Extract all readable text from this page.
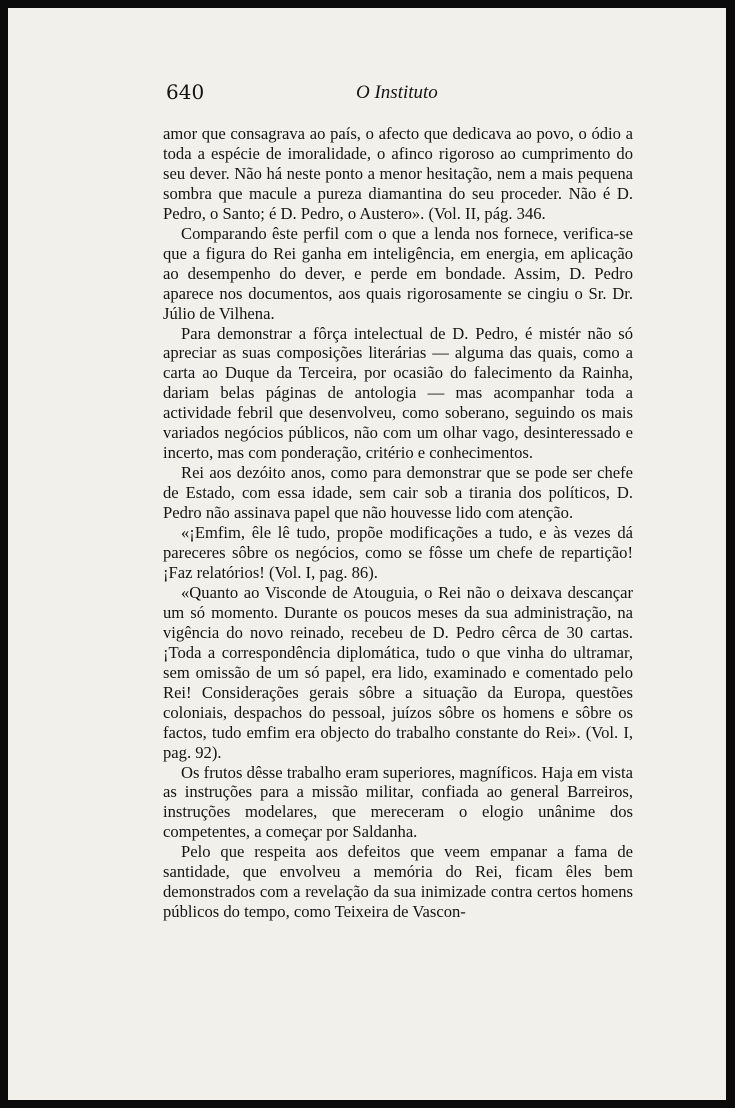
640	O Instituto

amor que consagrava ao país, o afecto que dedicava ao povo, o ódio a toda a espécie de imoralidade, o afinco rigoroso ao cumprimento do seu dever. Não há neste ponto a menor hesitação, nem a mais pequena sombra que macule a pureza diamantina do seu proceder. Não é D. Pedro, o Santo; é D. Pedro, o Austero». (Vol. II, pág. 346.

Comparando êste perfil com o que a lenda nos fornece, verifica-se que a figura do Rei ganha em inteligência, em energia, em aplicação ao desempenho do dever, e perde em bondade. Assim, D. Pedro aparece nos documentos, aos quais rigorosamente se cingiu o Sr. Dr. Júlio de Vilhena.

Para demonstrar a fôrça intelectual de D. Pedro, é mistér não só apreciar as suas composições literárias — alguma das quais, como a carta ao Duque da Terceira, por ocasião do falecimento da Rainha, dariam belas páginas de antologia — mas acompanhar toda a actividade febril que desenvolveu, como soberano, seguindo os mais variados negócios públicos, não com um olhar vago, desinteressado e incerto, mas com ponderação, critério e conhecimentos.

Rei aos dezóito anos, como para demonstrar que se pode ser chefe de Estado, com essa idade, sem cair sob a tirania dos políticos, D. Pedro não assinava papel que não houvesse lido com atenção.

«¡Emfim, êle lê tudo, propõe modificações a tudo, e às vezes dá pareceres sôbre os negócios, como se fôsse um chefe de repartição! ¡Faz relatórios! (Vol. I, pag. 86).

«Quanto ao Visconde de Atouguia, o Rei não o deixava descançar um só momento. Durante os poucos meses da sua administração, na vigência do novo reinado, recebeu de D. Pedro cêrca de 30 cartas. ¡Toda a correspondência diplomática, tudo o que vinha do ultramar, sem omissão de um só papel, era lido, examinado e comentado pelo Rei! Considerações gerais sôbre a situação da Europa, questões coloniais, despachos do pessoal, juízos sôbre os homens e sôbre os factos, tudo emfim era objecto do trabalho constante do Rei». (Vol. I, pag. 92).

Os frutos dêsse trabalho eram superiores, magníficos. Haja em vista as instruções para a missão militar, confiada ao general Barreiros, instruções modelares, que mereceram o elogio unânime dos competentes, a começar por Saldanha.

Pelo que respeita aos defeitos que veem empanar a fama de santidade, que envolveu a memória do Rei, ficam êles bem demonstrados com a revelação da sua inimizade contra certos homens públicos do tempo, como Teixeira de Vascon-
